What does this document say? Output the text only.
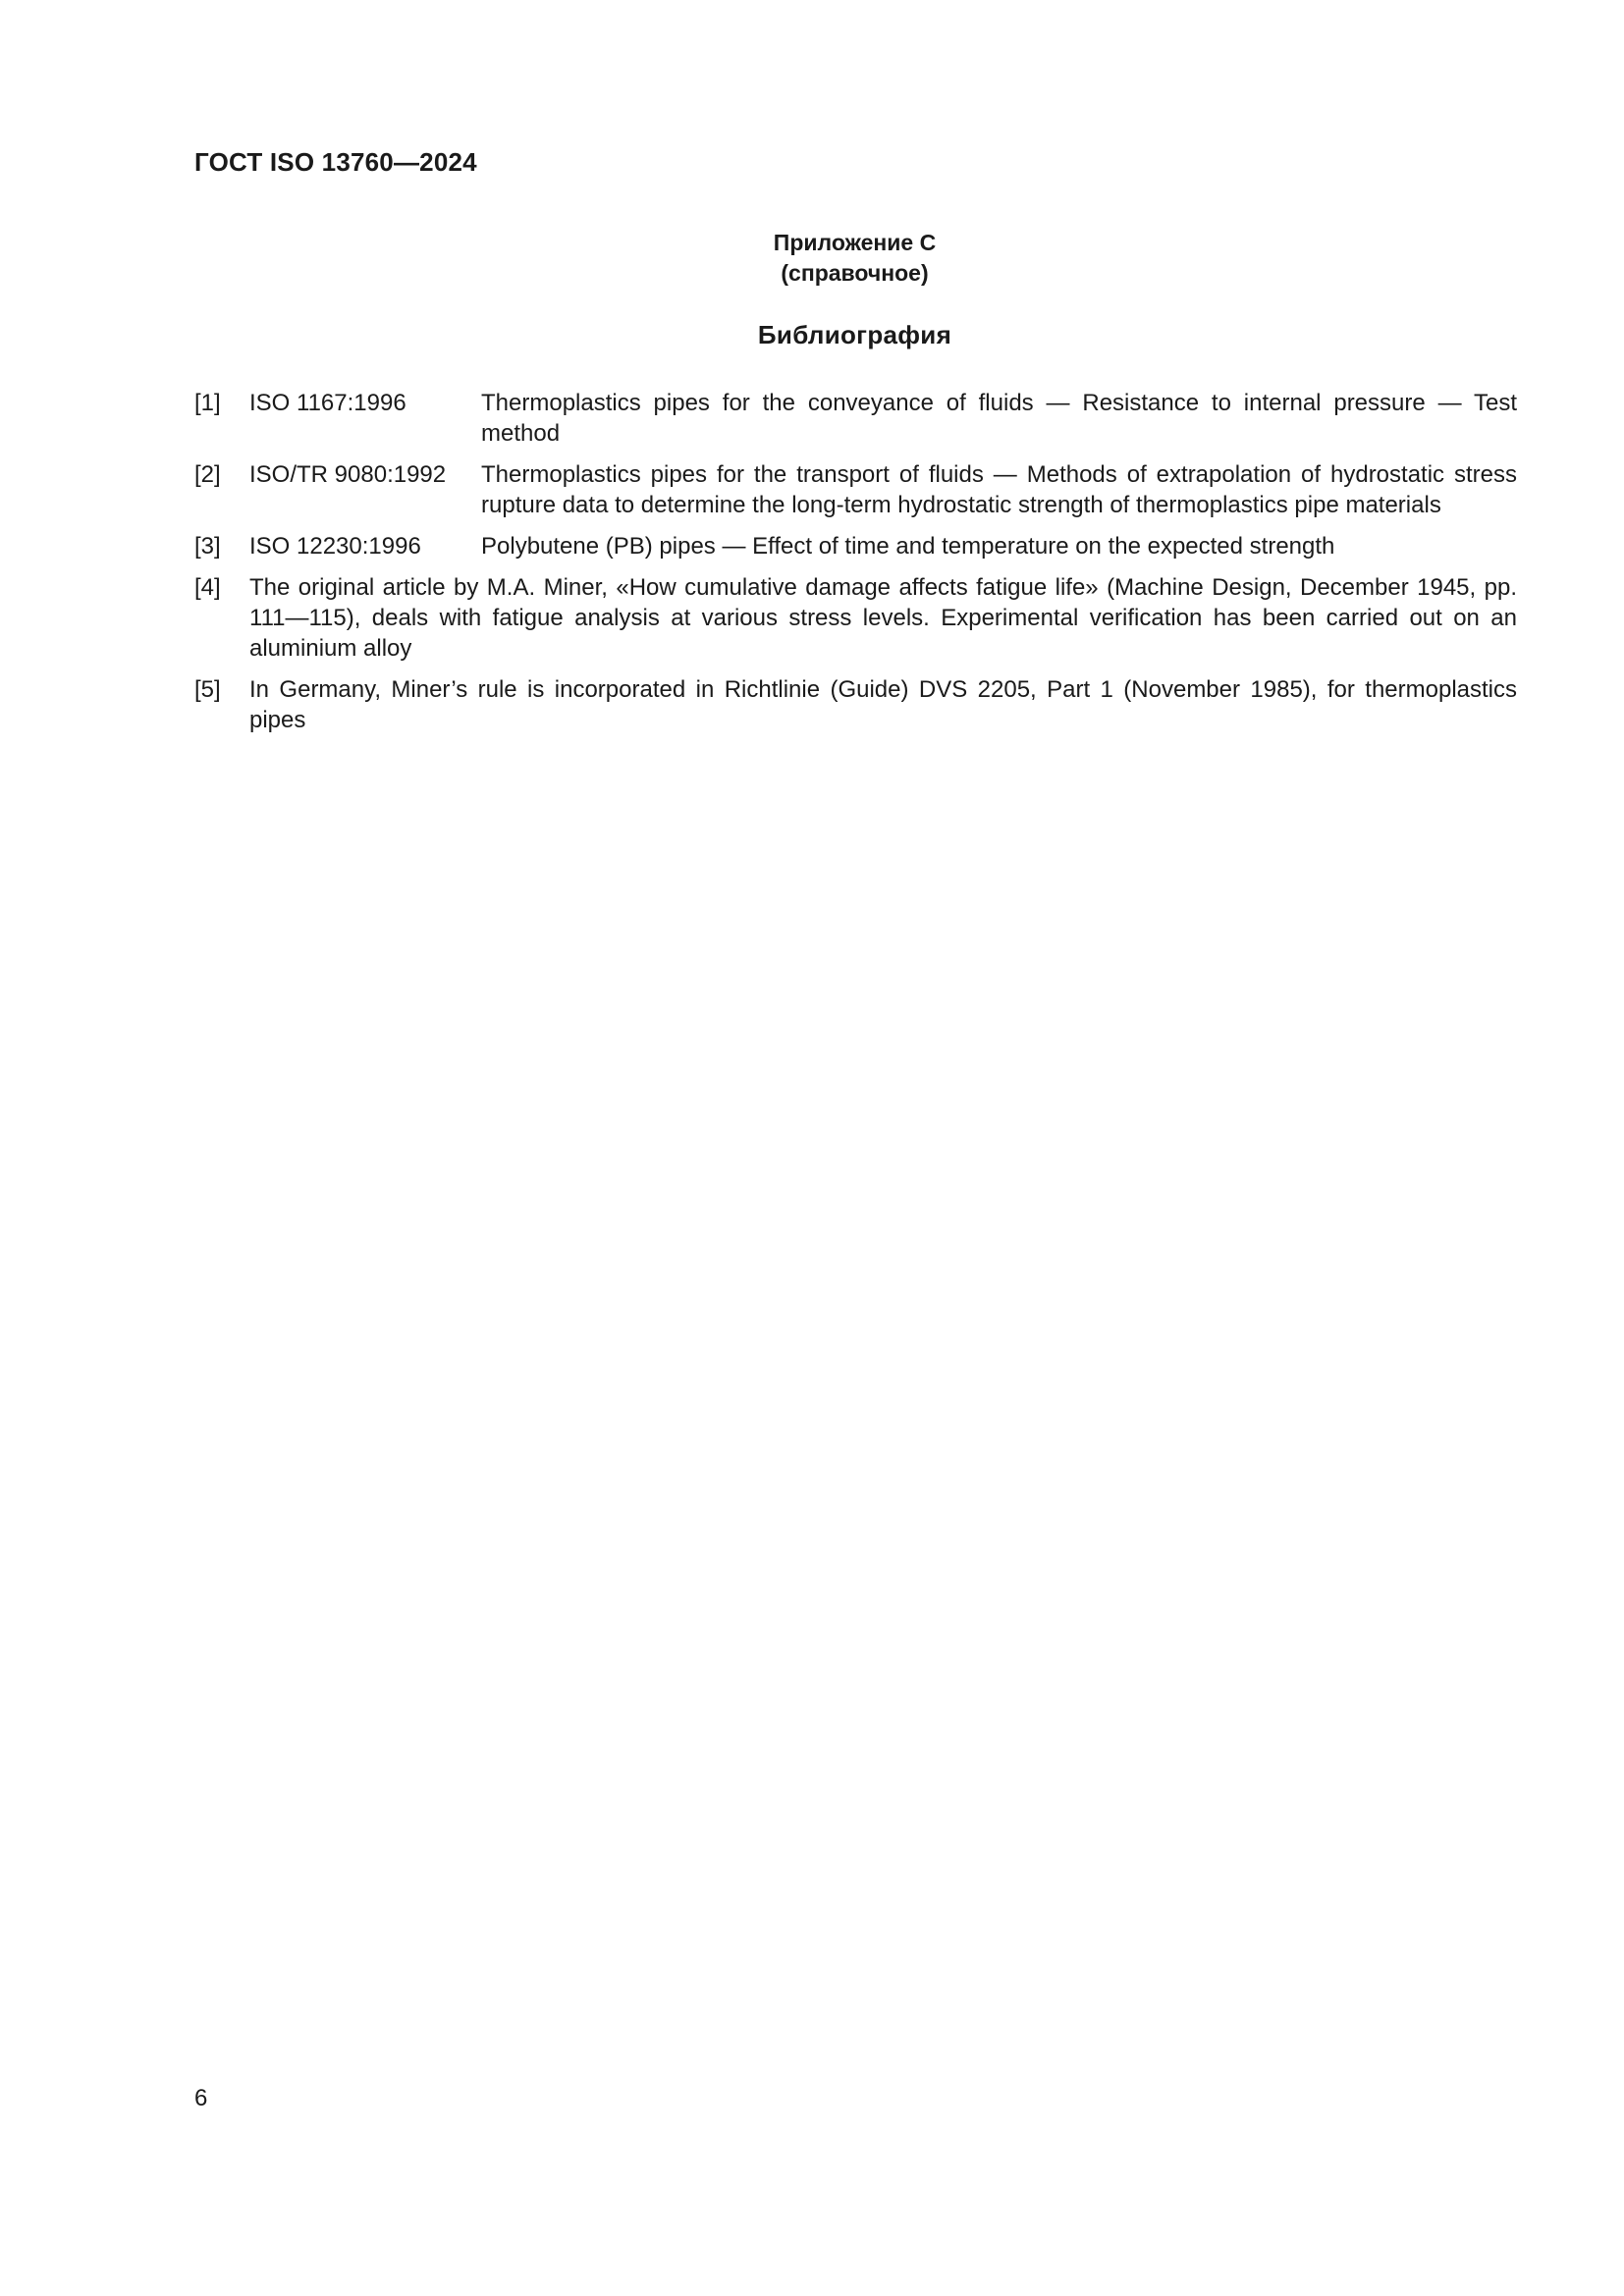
ГОСТ ISO 13760—2024
Приложение С
(справочное)
Библиография
[1]	ISO 1167:1996	Thermoplastics pipes for the conveyance of fluids — Resistance to internal pressure — Test method
[2]	ISO/TR 9080:1992	Thermoplastics pipes for the transport of fluids — Methods of extrapolation of hydrostatic stress rupture data to determine the long-term hydrostatic strength of thermoplastics pipe materials
[3]	ISO 12230:1996	Polybutene (PB) pipes — Effect of time and temperature on the expected strength
[4]	The original article by M.A. Miner, «How cumulative damage affects fatigue life» (Machine Design, December 1945, pp. 111—115), deals with fatigue analysis at various stress levels. Experimental verification has been carried out on an aluminium alloy
[5]	In Germany, Miner’s rule is incorporated in Richtlinie (Guide) DVS 2205, Part 1 (November 1985), for thermoplastics pipes
6
